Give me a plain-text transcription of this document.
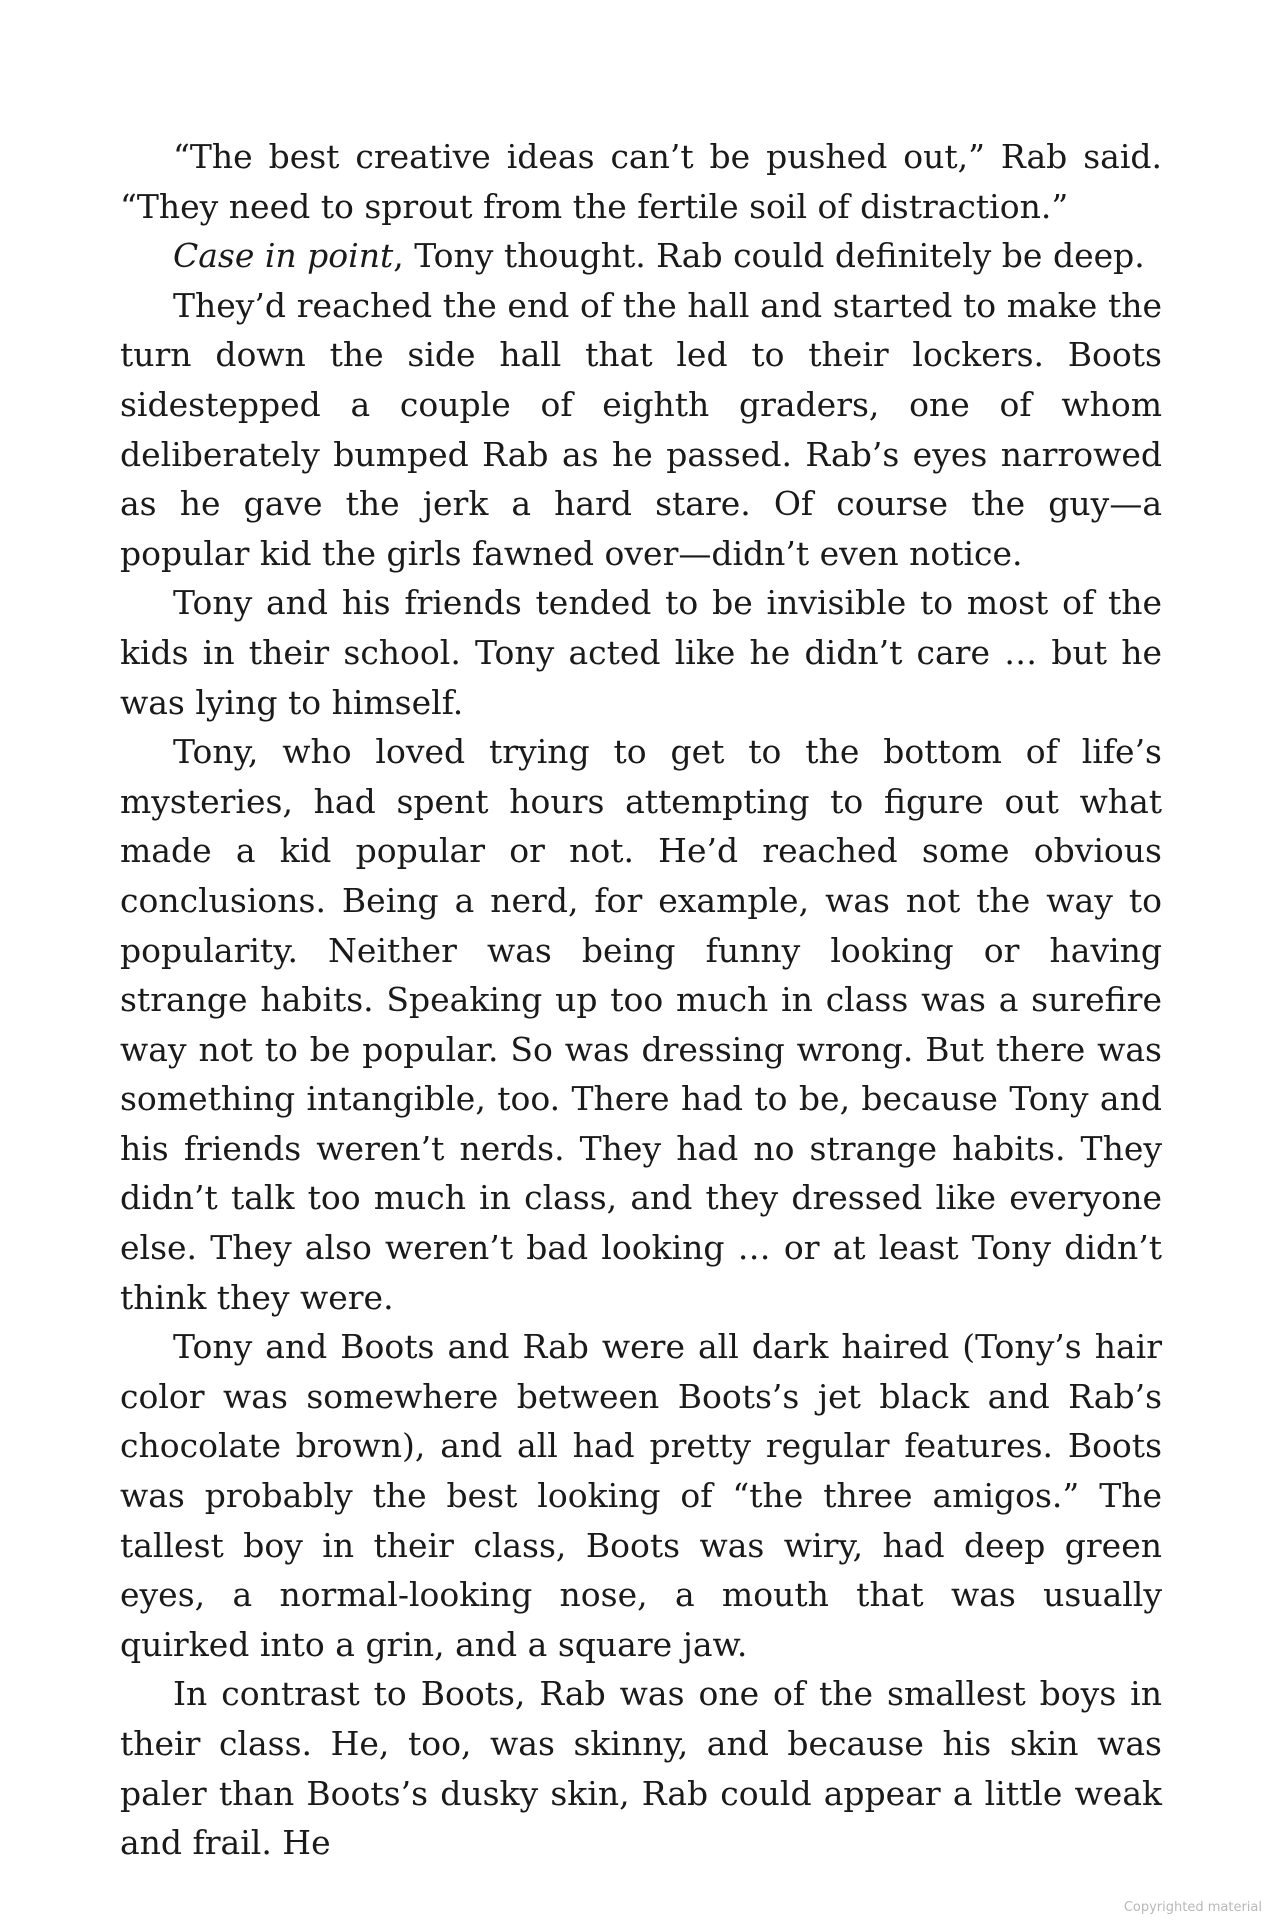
“The best creative ideas can’t be pushed out,” Rab said. “They need to sprout from the fertile soil of distraction.”

Case in point, Tony thought. Rab could definitely be deep.

They’d reached the end of the hall and started to make the turn down the side hall that led to their lockers. Boots sidestepped a couple of eighth graders, one of whom deliberately bumped Rab as he passed. Rab’s eyes narrowed as he gave the jerk a hard stare. Of course the guy—a popular kid the girls fawned over—didn’t even notice.

Tony and his friends tended to be invisible to most of the kids in their school. Tony acted like he didn’t care … but he was lying to himself.

Tony, who loved trying to get to the bottom of life’s mysteries, had spent hours attempting to figure out what made a kid popular or not. He’d reached some obvious conclusions. Being a nerd, for example, was not the way to popularity. Neither was being funny looking or having strange habits. Speaking up too much in class was a surefire way not to be popular. So was dressing wrong. But there was something intangible, too. There had to be, because Tony and his friends weren’t nerds. They had no strange habits. They didn’t talk too much in class, and they dressed like everyone else. They also weren’t bad looking … or at least Tony didn’t think they were.

Tony and Boots and Rab were all dark haired (Tony’s hair color was somewhere between Boots’s jet black and Rab’s chocolate brown), and all had pretty regular features. Boots was probably the best looking of “the three amigos.” The tallest boy in their class, Boots was wiry, had deep green eyes, a normal-looking nose, a mouth that was usually quirked into a grin, and a square jaw.

In contrast to Boots, Rab was one of the smallest boys in their class. He, too, was skinny, and because his skin was paler than Boots’s dusky skin, Rab could appear a little weak and frail. He

Copyrighted material
